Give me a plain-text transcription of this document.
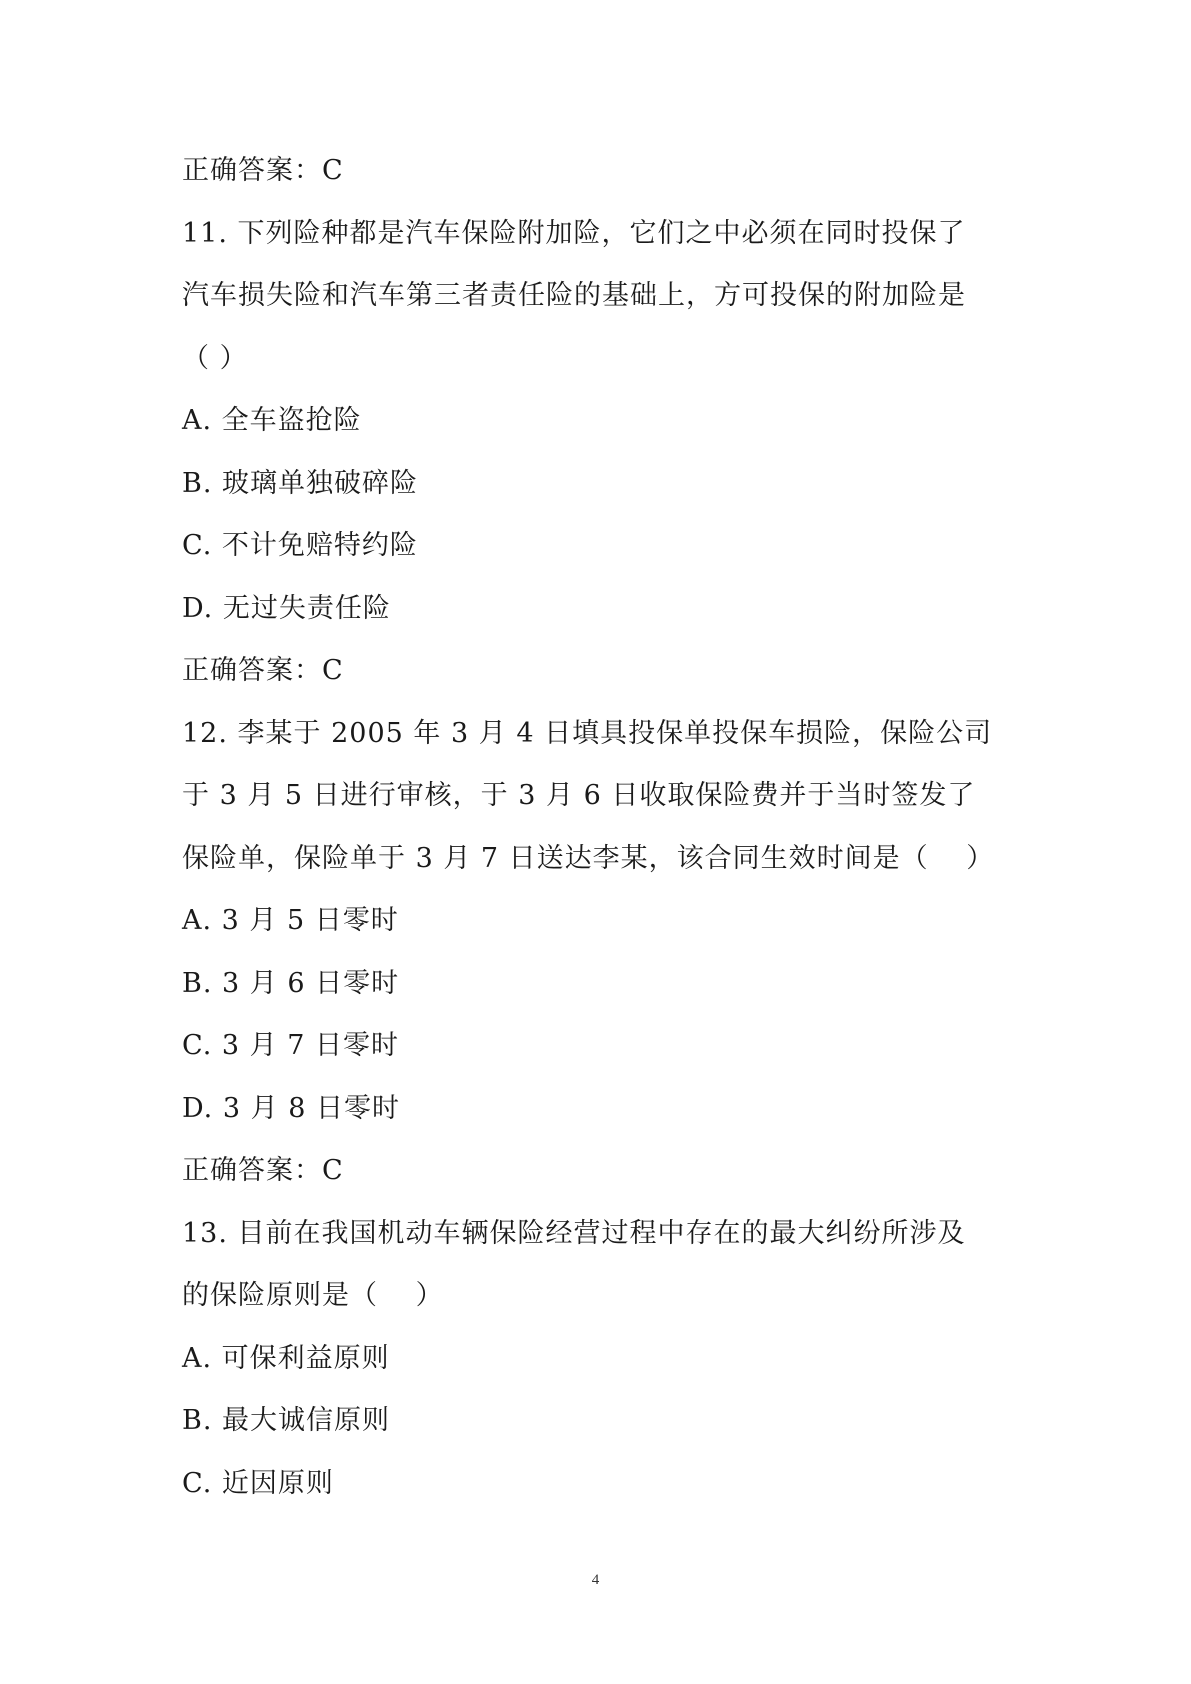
正确答案：C
11. 下列险种都是汽车保险附加险，它们之中必须在同时投保了
汽车损失险和汽车第三者责任险的基础上，方可投保的附加险是
（ ）
A. 全车盗抢险
B. 玻璃单独破碎险
C. 不计免赔特约险
D. 无过失责任险
正确答案：C
12. 李某于 2005 年 3 月 4 日填具投保单投保车损险，保险公司
于 3 月 5 日进行审核，于 3 月 6 日收取保险费并于当时签发了
保险单，保险单于 3 月 7 日送达李某，该合同生效时间是（　 ）
A. 3 月 5 日零时
B. 3 月 6 日零时
C. 3 月 7 日零时
D. 3 月 8 日零时
正确答案：C
13. 目前在我国机动车辆保险经营过程中存在的最大纠纷所涉及
的保险原则是（　 ）
A. 可保利益原则
B. 最大诚信原则
C. 近因原则
4
